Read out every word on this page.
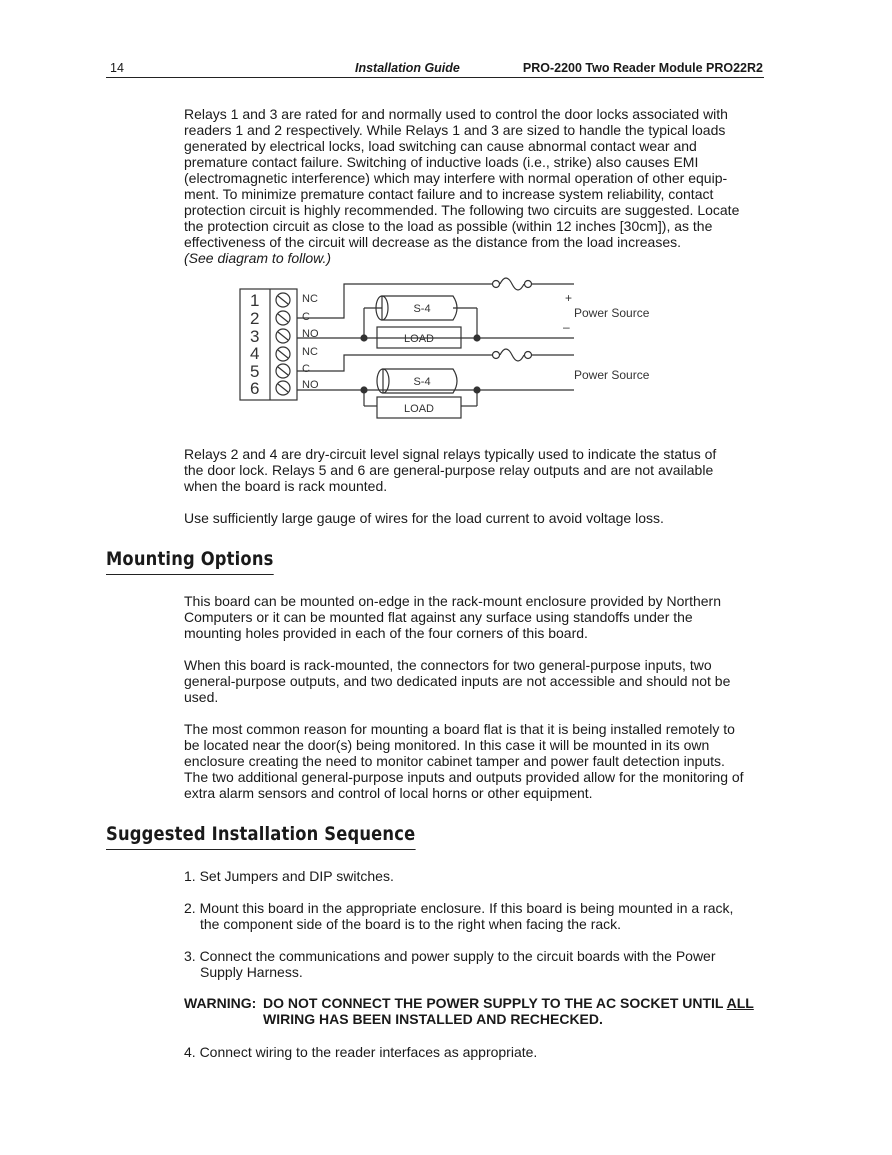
14	Installation Guide	PRO-2200 Two Reader Module PRO22R2

Relays 1 and 3 are rated for and normally used to control the door locks associated with
readers 1 and 2 respectively. While Relays 1 and 3 are sized to handle the typical loads
generated by electrical locks, load switching can cause abnormal contact wear and
premature contact failure. Switching of inductive loads (i.e., strike) also causes EMI
(electromagnetic interference) which may interfere with normal operation of other equip-
ment. To minimize premature contact failure and to increase system reliability, contact
protection circuit is highly recommended. The following two circuits are suggested. Locate
the protection circuit as close to the load as possible (within 12 inches [30cm]), as the
effectiveness of the circuit will decrease as the distance from the load increases.

(See diagram to follow.)

1
2
3
4
5
6
NC
C
NO
NC
C
NO
S-4
LOAD
S-4
LOAD
+
–
Power Source
Power Source

Relays 2 and 4 are dry-circuit level signal relays typically used to indicate the status of
the door lock. Relays 5 and 6 are general-purpose relay outputs and are not available
when the board is rack mounted.

Use sufficiently large gauge of wires for the load current to avoid voltage loss.

Mounting Options

This board can be mounted on-edge in the rack-mount enclosure provided by Northern
Computers or it can be mounted flat against any surface using standoffs under the
mounting holes provided in each of the four corners of this board.

When this board is rack-mounted, the connectors for two general-purpose inputs, two
general-purpose outputs, and two dedicated inputs are not accessible and should not be
used.

The most common reason for mounting a board flat is that it is being installed remotely to
be located near the door(s) being monitored. In this case it will be mounted in its own
enclosure creating the need to monitor cabinet tamper and power fault detection inputs.
The two additional general-purpose inputs and outputs provided allow for the monitoring of
extra alarm sensors and control of local horns or other equipment.

Suggested Installation Sequence

1. Set Jumpers and DIP switches.

2. Mount this board in the appropriate enclosure. If this board is being mounted in a rack,
the component side of the board is to the right when facing the rack.

3. Connect the communications and power supply to the circuit boards with the Power
Supply Harness.

WARNING: DO NOT CONNECT THE POWER SUPPLY TO THE AC SOCKET UNTIL ALL
WIRING HAS BEEN INSTALLED AND RECHECKED.

4. Connect wiring to the reader interfaces as appropriate.
